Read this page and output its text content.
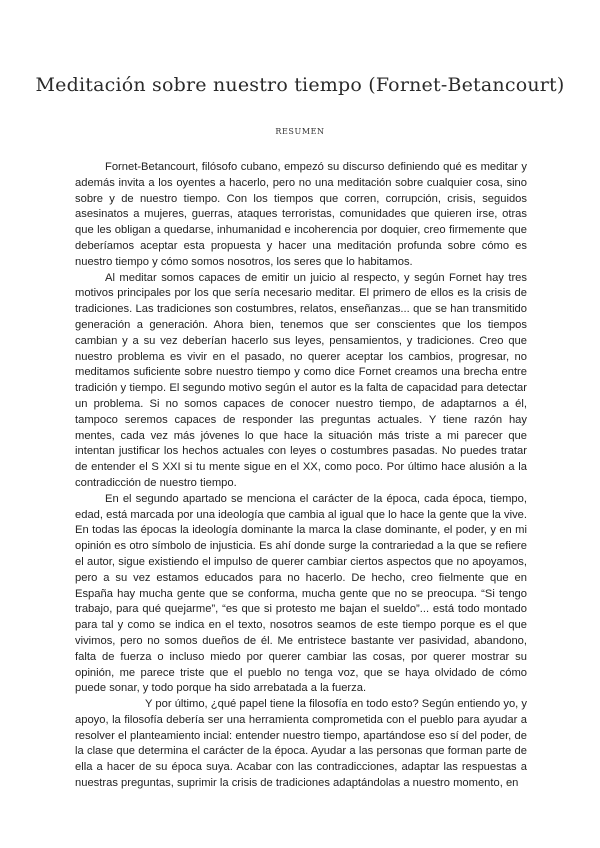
Meditación sobre nuestro tiempo (Fornet-Betancourt)
RESUMEN

Fornet-Betancourt, filósofo cubano, empezó su discurso definiendo qué es meditar y además invita a los oyentes a hacerlo, pero no una meditación sobre cualquier cosa, sino sobre y de nuestro tiempo. Con los tiempos que corren, corrupción, crisis, seguidos asesinatos a mujeres, guerras, ataques terroristas, comunidades que quieren irse, otras que les obligan a quedarse, inhumanidad e incoherencia por doquier, creo firmemente que deberíamos aceptar esta propuesta y hacer una meditación profunda sobre cómo es nuestro tiempo y cómo somos nosotros, los seres que lo habitamos.

Al meditar somos capaces de emitir un juicio al respecto, y según Fornet hay tres motivos principales por los que sería necesario meditar. El primero de ellos es la crisis de tradiciones. Las tradiciones son costumbres, relatos, enseñanzas... que se han transmitido generación a generación. Ahora bien, tenemos que ser conscientes que los tiempos cambian y a su vez deberían hacerlo sus leyes, pensamientos, y tradiciones. Creo que nuestro problema es vivir en el pasado, no querer aceptar los cambios, progresar, no meditamos suficiente sobre nuestro tiempo y como dice Fornet creamos una brecha entre tradición y tiempo. El segundo motivo según el autor es la falta de capacidad para detectar un problema. Si no somos capaces de conocer nuestro tiempo, de adaptarnos a él, tampoco seremos capaces de responder las preguntas actuales. Y tiene razón hay mentes, cada vez más jóvenes lo que hace la situación más triste a mi parecer que intentan justificar los hechos actuales con leyes o costumbres pasadas. No puedes tratar de entender el S XXI si tu mente sigue en el XX, como poco. Por último hace alusión a la contradicción de nuestro tiempo.

En el segundo apartado se menciona el carácter de la época, cada época, tiempo, edad, está marcada por una ideología que cambia al igual que lo hace la gente que la vive. En todas las épocas la ideología dominante la marca la clase dominante, el poder, y en mi opinión es otro símbolo de injusticia. Es ahí donde surge la contrariedad a la que se refiere el autor, sigue existiendo el impulso de querer cambiar ciertos aspectos que no apoyamos, pero a su vez estamos educados para no hacerlo. De hecho, creo fielmente que en España hay mucha gente que se conforma, mucha gente que no se preocupa. “Si tengo trabajo, para qué quejarme”, “es que si protesto me bajan el sueldo”... está todo montado para tal y como se indica en el texto, nosotros seamos de este tiempo porque es el que vivimos, pero no somos dueños de él. Me entristece bastante ver pasividad, abandono, falta de fuerza o incluso miedo por querer cambiar las cosas, por querer mostrar su opinión, me parece triste que el pueblo no tenga voz, que se haya olvidado de cómo puede sonar, y todo porque ha sido arrebatada a la fuerza.

Y por último, ¿qué papel tiene la filosofía en todo esto? Según entiendo yo, y apoyo, la filosofía debería ser una herramienta comprometida con el pueblo para ayudar a resolver el planteamiento incial: entender nuestro tiempo, apartándose eso sí del poder, de la clase que determina el carácter de la época. Ayudar a las personas que forman parte de ella a hacer de su época suya. Acabar con las contradicciones, adaptar las respuestas a nuestras preguntas, suprimir la crisis de tradiciones adaptándolas a nuestro momento, en
